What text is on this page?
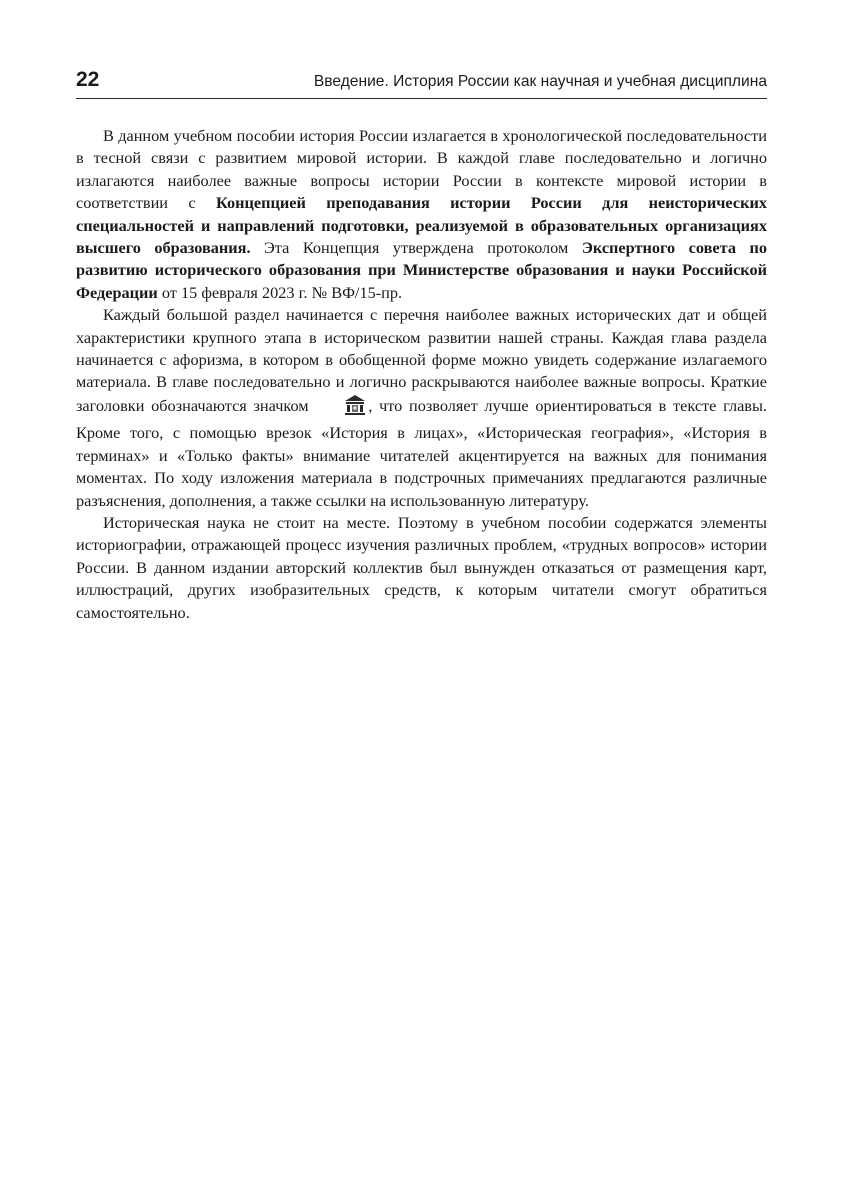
22	Введение. История России как научная и учебная дисциплина

В данном учебном пособии история России излагается в хронологической последовательности в тесной связи с развитием мировой истории. В каждой главе последовательно и логично излагаются наиболее важные вопросы истории России в контексте мировой истории в соответствии с Концепцией преподавания истории России для неисторических специальностей и направлений подготовки, реализуемой в образовательных организациях высшего образования. Эта Концепция утверждена протоколом Экспертного совета по развитию исторического образования при Министерстве образования и науки Российской Федерации от 15 февраля 2023 г. № ВФ/15-пр.

Каждый большой раздел начинается с перечня наиболее важных исторических дат и общей характеристики крупного этапа в историческом развитии нашей страны. Каждая глава раздела начинается с афоризма, в котором в обобщенной форме можно увидеть содержание излагаемого материала. В главе последовательно и логично раскрываются наиболее важные вопросы. Краткие заголовки обозначаются значком	, что позволяет лучше ориентироваться в тексте главы. Кроме того, с помощью врезок «История в лицах», «Историческая география», «История в терминах» и «Только факты» внимание читателей акцентируется на важных для понимания моментах. По ходу изложения материала в подстрочных примечаниях предлагаются различные разъяснения, дополнения, а также ссылки на использованную литературу.

Историческая наука не стоит на месте. Поэтому в учебном пособии содержатся элементы историографии, отражающей процесс изучения различных проблем, «трудных вопросов» истории России. В данном издании авторский коллектив был вынужден отказаться от размещения карт, иллюстраций, других изобразительных средств, к которым читатели смогут обратиться самостоятельно.
